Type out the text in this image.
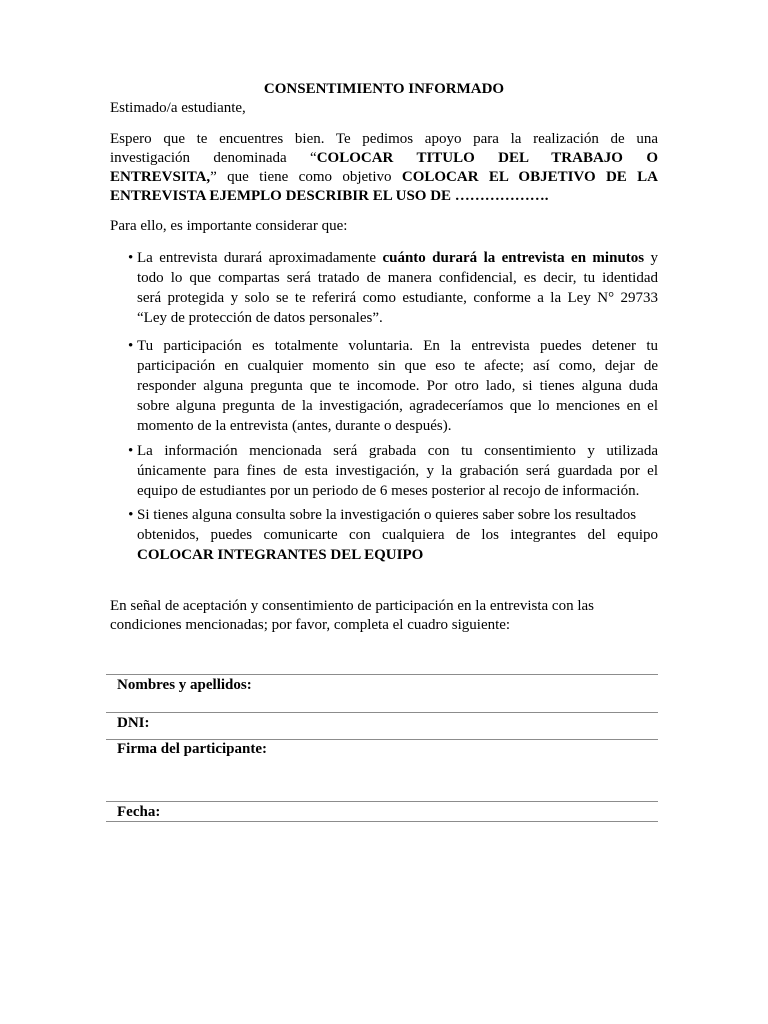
CONSENTIMIENTO INFORMADO
Estimado/a estudiante,
Espero que te encuentres bien. Te pedimos apoyo para la realización de una
investigación denominada “COLOCAR TITULO DEL TRABAJO O
ENTREVSITA,” que tiene como objetivo COLOCAR EL OBJETIVO DE LA
ENTREVISTA EJEMPLO DESCRIBIR EL USO DE ……………….
Para ello, es importante considerar que:
• La entrevista durará aproximadamente cuánto durará la entrevista en minutos y
todo lo que compartas será tratado de manera confidencial, es decir, tu identidad
será protegida y solo se te referirá como estudiante, conforme a la Ley N° 29733
“Ley de protección de datos personales”.
• Tu participación es totalmente voluntaria. En la entrevista puedes detener tu
participación en cualquier momento sin que eso te afecte; así como, dejar de
responder alguna pregunta que te incomode. Por otro lado, si tienes alguna duda
sobre alguna pregunta de la investigación, agradeceríamos que lo menciones en el
momento de la entrevista (antes, durante o después).
• La información mencionada será grabada con tu consentimiento y utilizada
únicamente para fines de esta investigación, y la grabación será guardada por el
equipo de estudiantes por un periodo de 6 meses posterior al recojo de información.
• Si tienes alguna consulta sobre la investigación o quieres saber sobre los resultados
obtenidos, puedes comunicarte con cualquiera de los integrantes del equipo
COLOCAR INTEGRANTES DEL EQUIPO
En señal de aceptación y consentimiento de participación en la entrevista con las
condiciones mencionadas; por favor, completa el cuadro siguiente:
Nombres y apellidos:
DNI:
Firma del participante:
Fecha:
